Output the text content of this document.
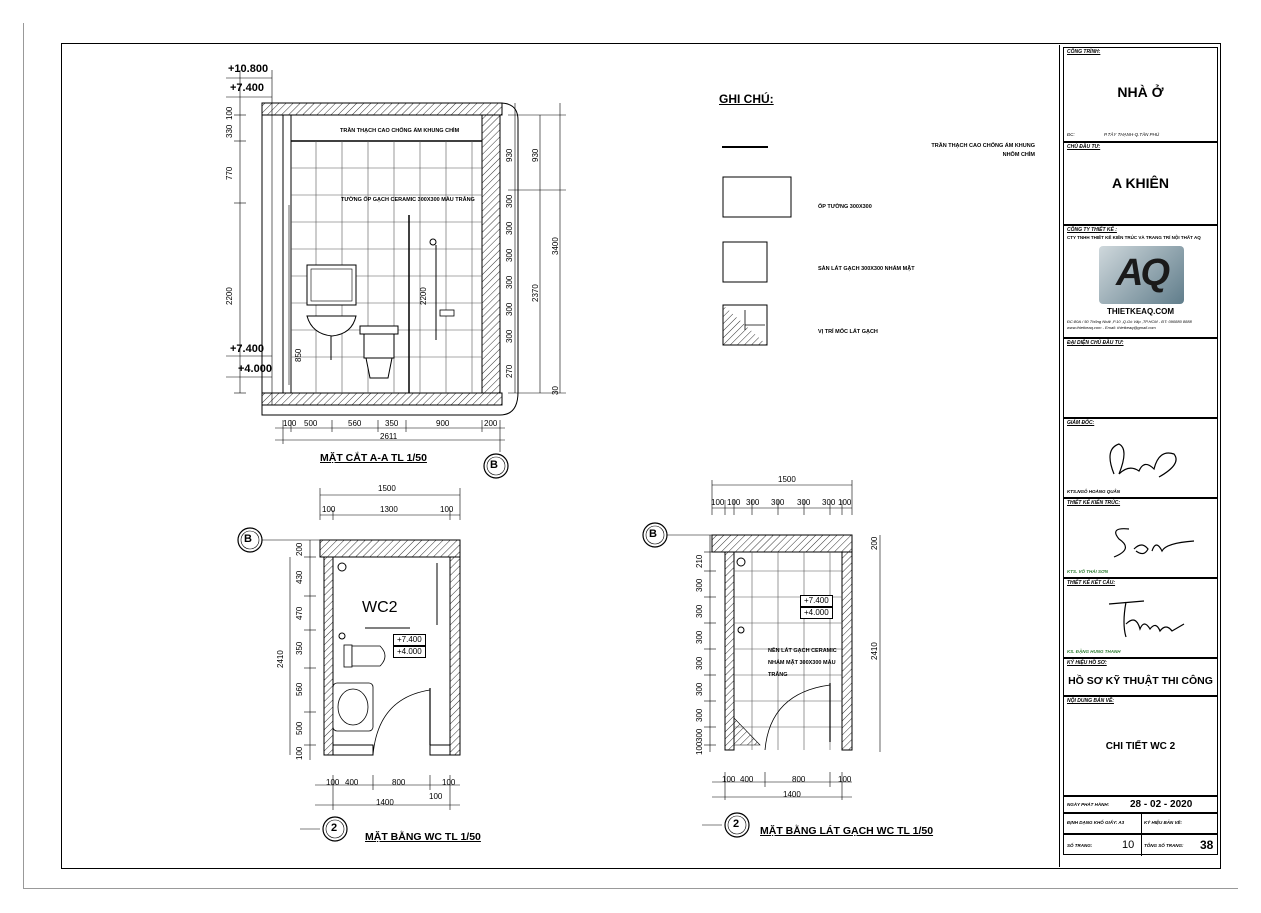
+10.800
+7.400
+7.400
+4.000
TRẦN THẠCH CAO CHỐNG ẨM KHUNG CHÌM
TƯỜNG ỐP GẠCH CERAMIC 300X300 MÀU TRẮNG
100
330
770
2200
850
2200
930
300
300
300
300
300
300
270
930
2370
3400
30
100 500	560	350	900	200
2611
MẶT CẮT A-A TL 1/50
B
GHI CHÚ:
TRẦN THẠCH CAO CHỐNG ẨM KHUNG NHÔM CHÌM
ỐP TƯỜNG 300X300
SÀN LÁT GẠCH 300X300 NHÁM MẶT
VỊ TRÍ MỐC LÁT GẠCH
B
WC2
+7.400
+4.000
1500
100	1300	100
200
430
470
350
560
500
100
2410
100 400	800	100
1400
100
MẶT BẰNG WC TL 1/50
2
B
+7.400
+4.000
NỀN LÁT GẠCH CERAMIC NHÁM MẶT 300X300 MÀU TRẮNG
1500
100 100 300 300 300 300 100
210
300
300
300
300
300
300
300
100
200
2410
100 400	800	100
1400
MẶT BẰNG LÁT GẠCH WC TL 1/50
2
CÔNG TRÌNH:
NHÀ Ở
ĐC:	P.TÂY THẠNH-Q.TÂN PHÚ
CHỦ ĐẦU TƯ:
A KHIÊN
CÔNG TY THIẾT KẾ :
CTY TNHH THIẾT KẾ KIẾN TRÚC VÀ TRANG TRÍ NỘI THẤT AQ
AQ
THIETKEAQ.COM
ĐC:80A / 50 Thống Nhất ,P.10 ,Q.Gò Vấp ,TP.HCM - ĐT: 090880 8888
www.thietkeaq.com - Email: thietkeaq@gmail.com
ĐẠI DIỆN CHỦ ĐẦU TƯ:
GIÁM ĐỐC:
KTS.NGÔ HOÀNG QUÂN
THIẾT KẾ KIẾN TRÚC:
KTS. VÕ THÁI SƠN
THIẾT KẾ KẾT CẤU:
KS. ĐẶNG HUNG THANH
KÝ HIỆU HỒ SƠ:
HỒ SƠ KỸ THUẬT THI CÔNG
NỘI DUNG BẢN VẼ:
CHI TIẾT WC 2
NGÀY PHÁT HÀNH: 28 - 02 - 2020
ĐỊNH DẠNG KHỔ GIẤY: A3	KÝ HIỆU BẢN VẼ:
SỐ TRANG:	10 TỔNG SỐ TRANG: 38
